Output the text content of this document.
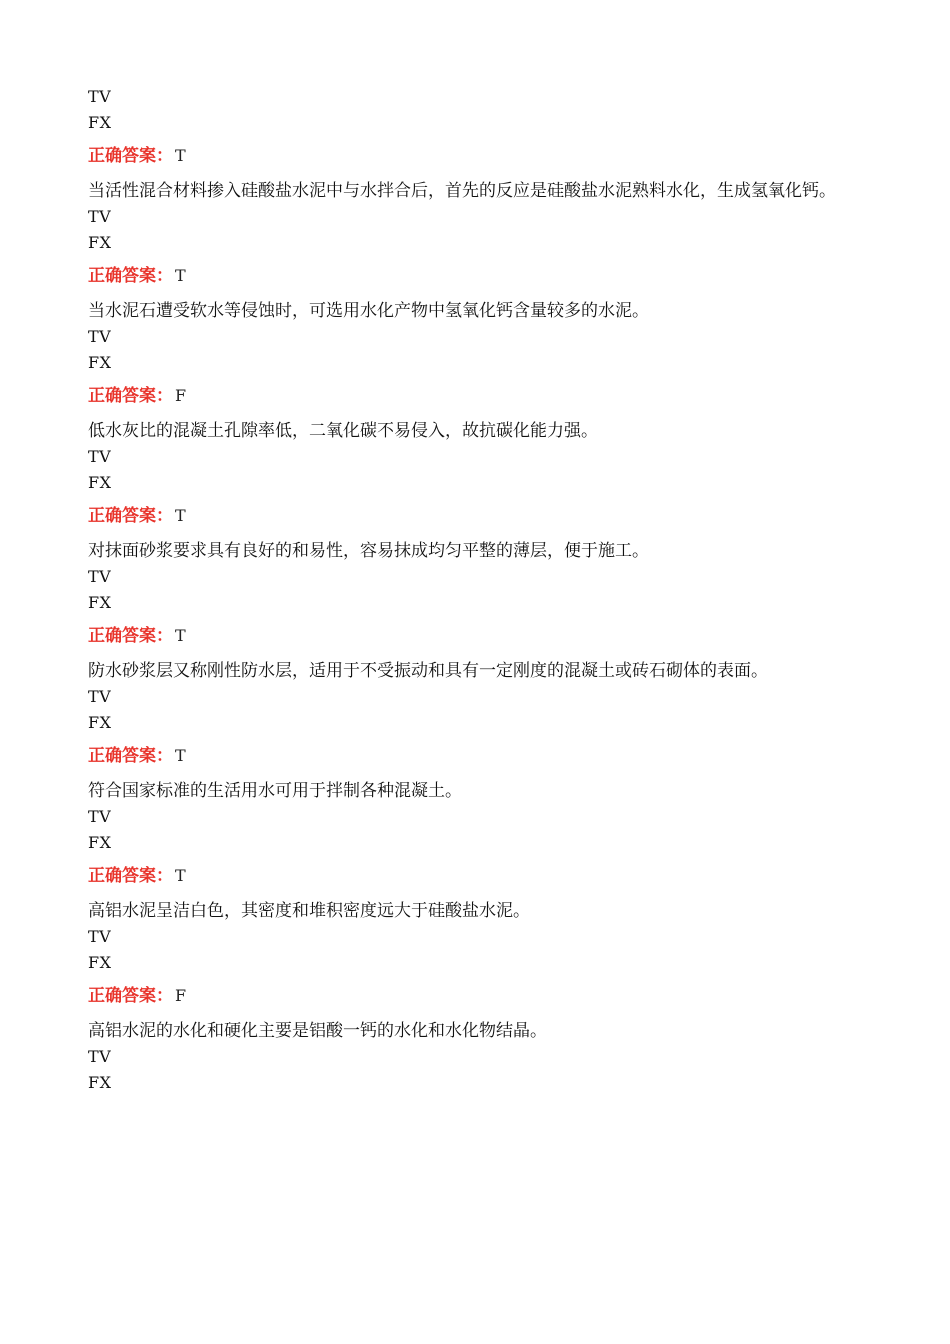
TV
FX
正确答案： T
当活性混合材料掺入硅酸盐水泥中与水拌合后，首先的反应是硅酸盐水泥熟料水化，生成氢氧化钙。
TV
FX
正确答案： T
当水泥石遭受软水等侵蚀时，可选用水化产物中氢氧化钙含量较多的水泥。
TV
FX
正确答案： F
低水灰比的混凝土孔隙率低，二氧化碳不易侵入，故抗碳化能力强。
TV
FX
正确答案： T
对抹面砂浆要求具有良好的和易性，容易抹成均匀平整的薄层，便于施工。
TV
FX
正确答案： T
防水砂浆层又称刚性防水层，适用于不受振动和具有一定刚度的混凝土或砖石砌体的表面。
TV
FX
正确答案： T
符合国家标准的生活用水可用于拌制各种混凝土。
TV
FX
正确答案： T
高铝水泥呈洁白色，其密度和堆积密度远大于硅酸盐水泥。
TV
FX
正确答案： F
高铝水泥的水化和硬化主要是铝酸一钙的水化和水化物结晶。
TV
FX
